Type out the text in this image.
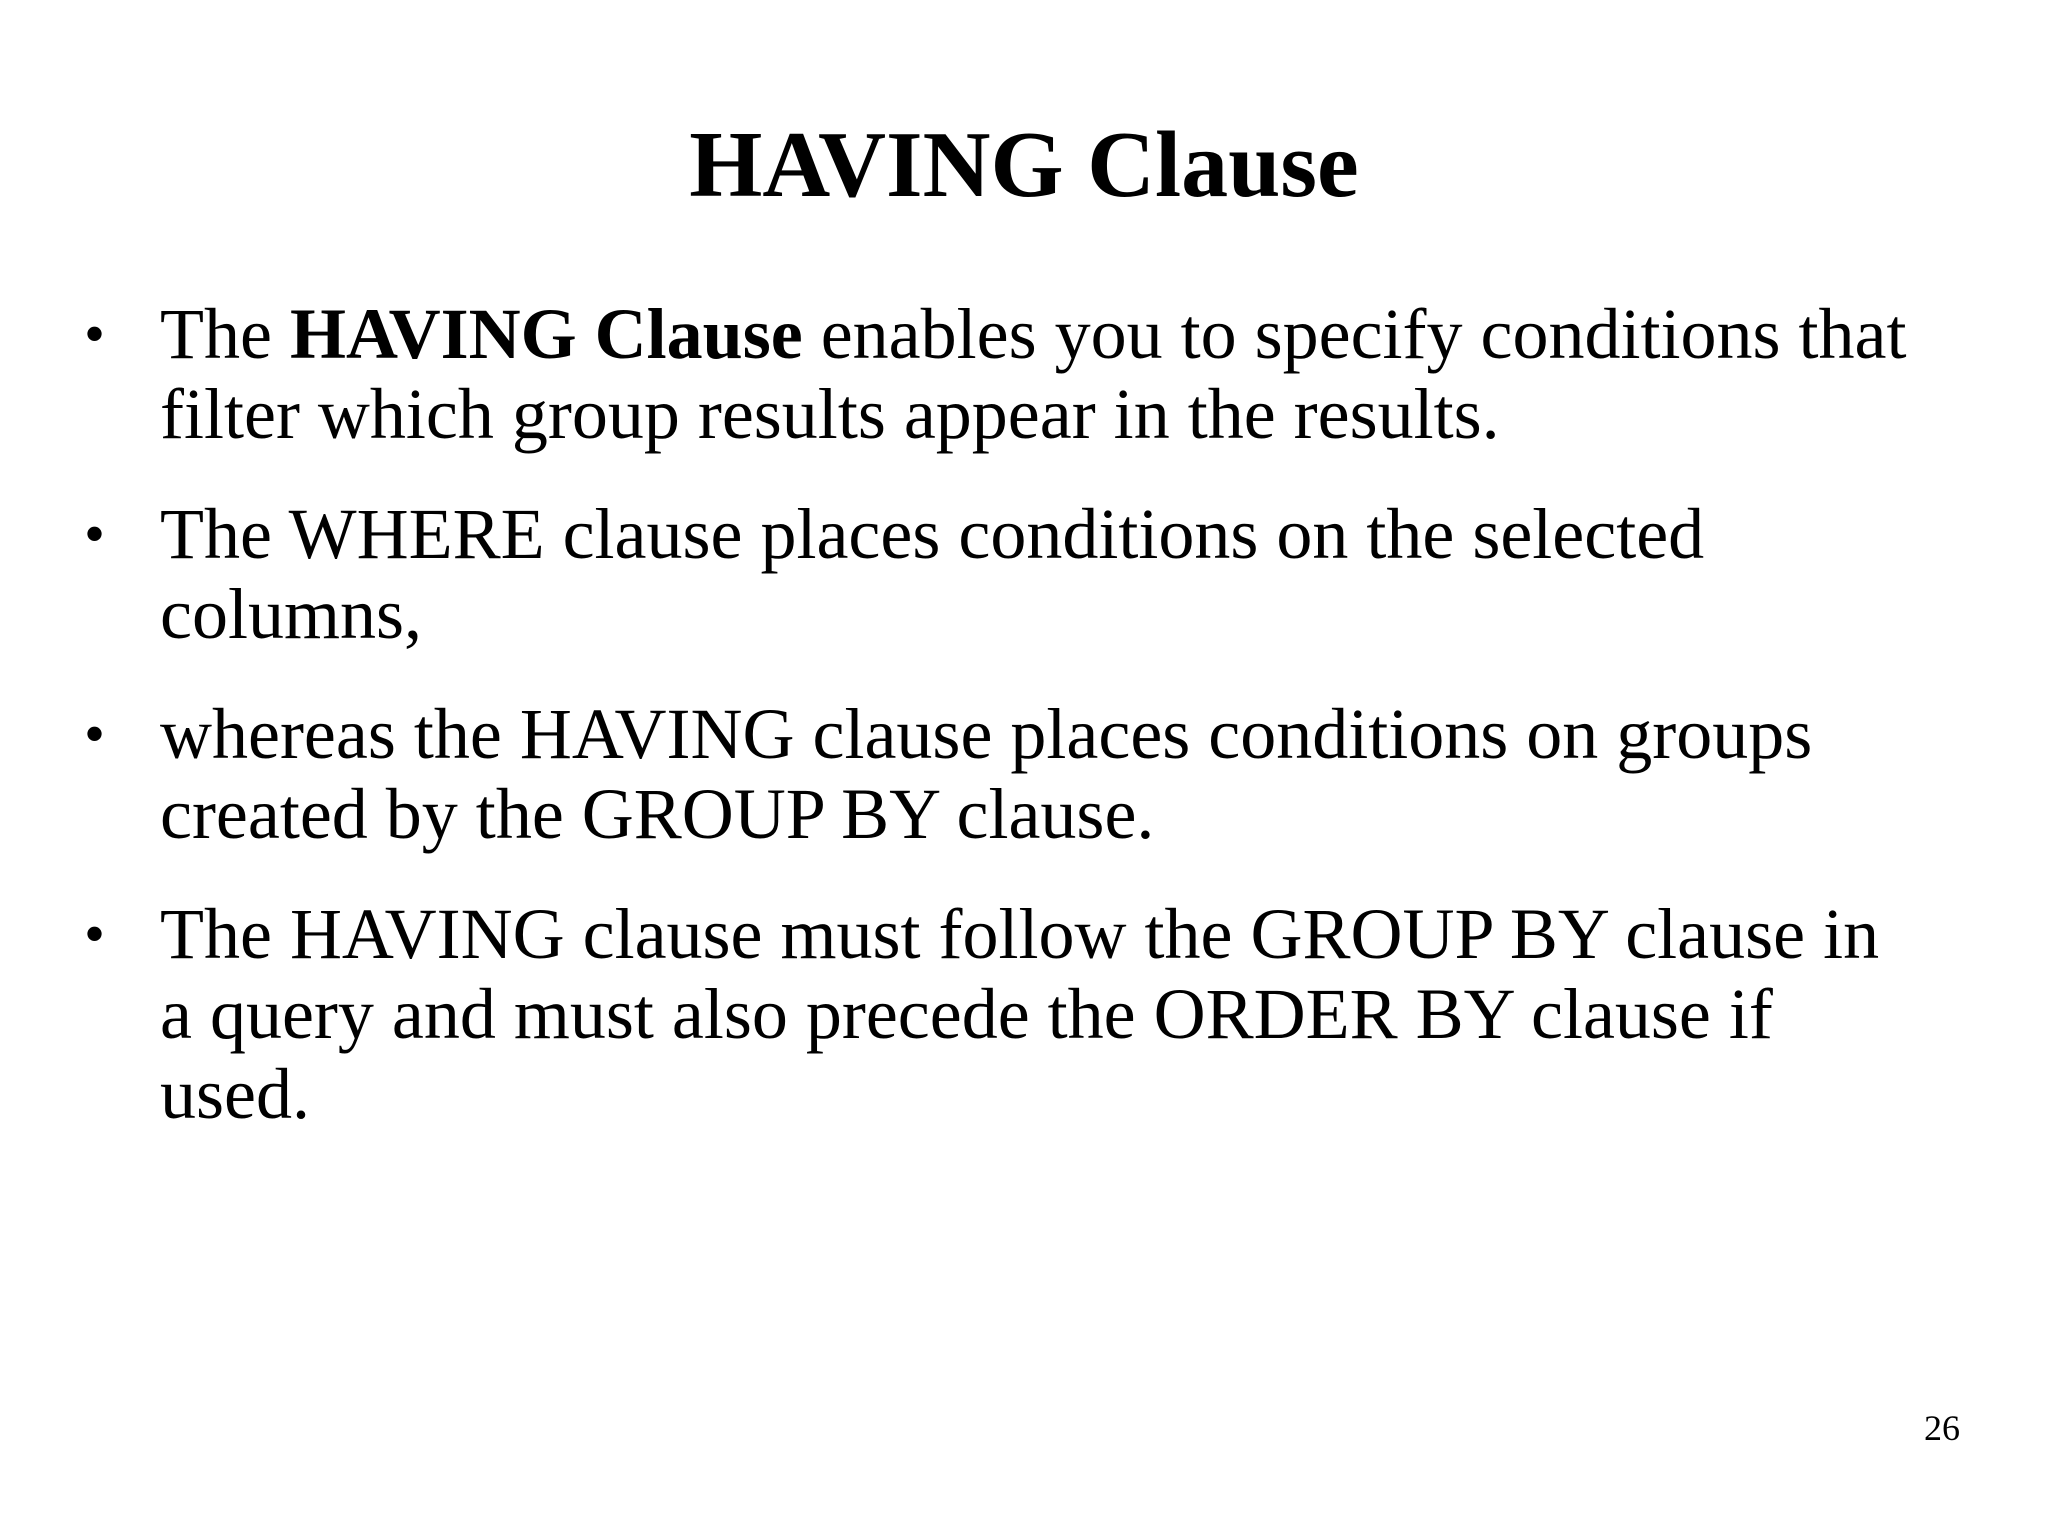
HAVING Clause
• The HAVING Clause enables you to specify conditions that
filter which group results appear in the results.
• The WHERE clause places conditions on the selected
columns,
• whereas the HAVING clause places conditions on groups
created by the GROUP BY clause.
• The HAVING clause must follow the GROUP BY clause in
a query and must also precede the ORDER BY clause if
used.
26
